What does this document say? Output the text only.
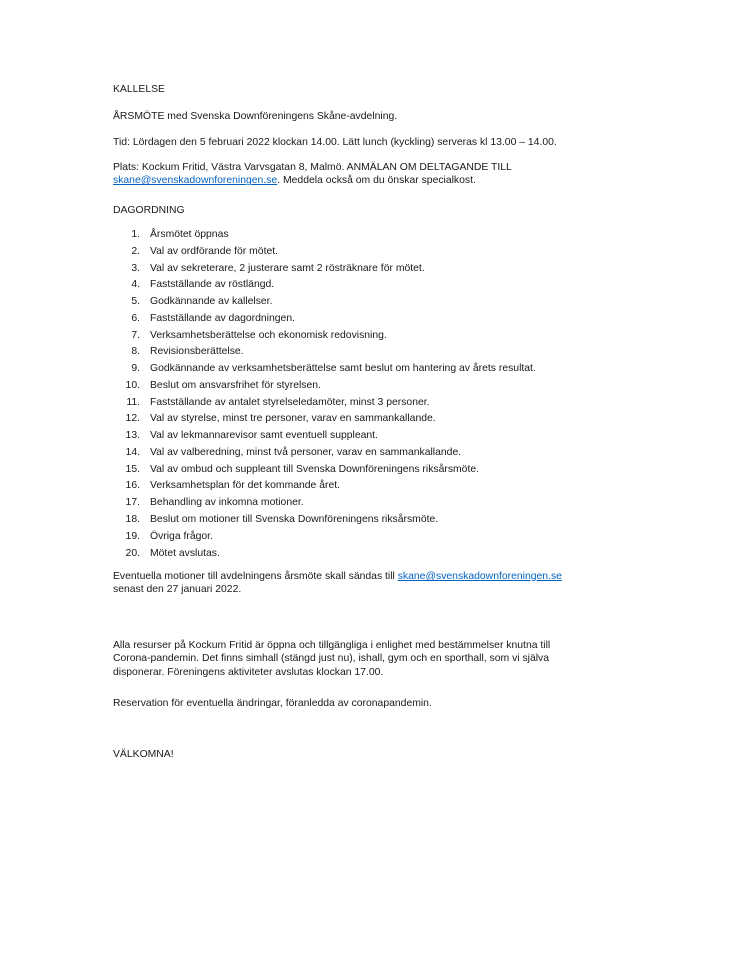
KALLELSE

ÅRSMÖTE med Svenska Downföreningens Skåne-avdelning.

Tid: Lördagen den 5 februari 2022 klockan 14.00. Lätt lunch (kyckling) serveras kl 13.00 – 14.00.

Plats: Kockum Fritid, Västra Varvsgatan 8, Malmö. ANMÄLAN OM DELTAGANDE TILL
skane@svenskadownforeningen.se. Meddela också om du önskar specialkost.

DAGORDNING

1. Årsmötet öppnas
2. Val av ordförande för mötet.
3. Val av sekreterare, 2 justerare samt 2 rösträknare för mötet.
4. Fastställande av röstlängd.
5. Godkännande av kallelser.
6. Fastställande av dagordningen.
7. Verksamhetsberättelse och ekonomisk redovisning.
8. Revisionsberättelse.
9. Godkännande av verksamhetsberättelse samt beslut om hantering av årets resultat.
10. Beslut om ansvarsfrihet för styrelsen.
11. Fastställande av antalet styrelseledamöter, minst 3 personer.
12. Val av styrelse, minst tre personer, varav en sammankallande.
13. Val av lekmannarevisor samt eventuell suppleant.
14. Val av valberedning, minst två personer, varav en sammankallande.
15. Val av ombud och suppleant till Svenska Downföreningens riksårsmöte.
16. Verksamhetsplan för det kommande året.
17. Behandling av inkomna motioner.
18. Beslut om motioner till Svenska Downföreningens riksårsmöte.
19. Övriga frågor.
20. Mötet avslutas.

Eventuella motioner till avdelningens årsmöte skall sändas till skane@svenskadownforeningen.se
senast den 27 januari 2022.

Alla resurser på Kockum Fritid är öppna och tillgängliga i enlighet med bestämmelser knutna till
Corona-pandemin. Det finns simhall (stängd just nu), ishall, gym och en sporthall, som vi själva
disponerar. Föreningens aktiviteter avslutas klockan 17.00.

Reservation för eventuella ändringar, föranledda av coronapandemin.

VÄLKOMNA!
